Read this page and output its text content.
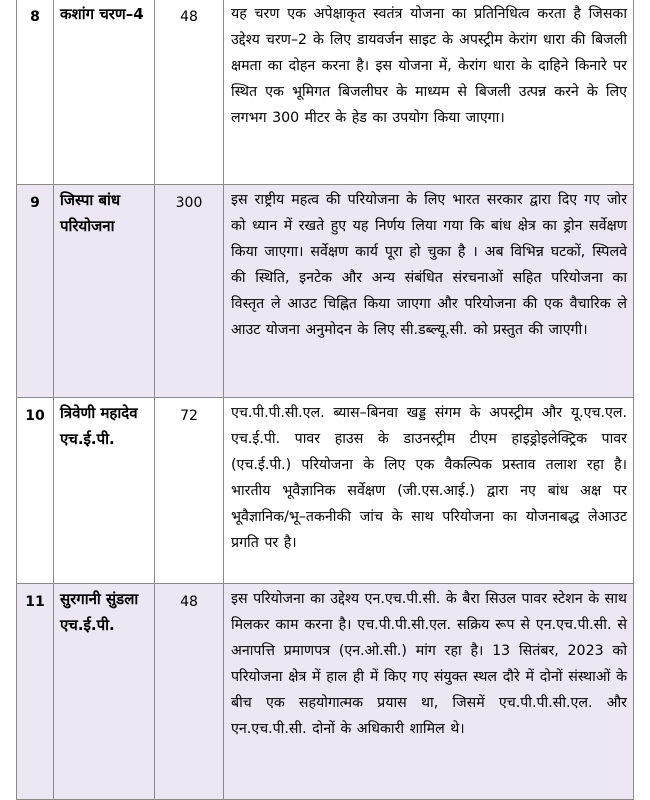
8	कशांग चरण–4	48	यह चरण एक अपेक्षाकृत स्वतंत्र योजना का प्रतिनिधित्व करता है जिसका उद्देश्य चरण–2 के लिए डायवर्जन साइट के अपस्ट्रीम केरांग धारा की बिजली क्षमता का दोहन करना है। इस योजना में, केरांग धारा के दाहिने किनारे पर स्थित एक भूमिगत बिजलीघर के माध्यम से बिजली उत्पन्न करने के लिए लगभग 300 मीटर के हेड का उपयोग किया जाएगा।
9	जिस्पा बांध परियोजना	300	इस राष्ट्रीय महत्व की परियोजना के लिए भारत सरकार द्वारा दिए गए जोर को ध्यान में रखते हुए यह निर्णय लिया गया कि बांध क्षेत्र का ड्रोन सर्वेक्षण किया जाएगा। सर्वेक्षण कार्य पूरा हो चुका है । अब विभिन्न घटकों, स्पिलवे की स्थिति, इनटेक और अन्य संबंधित संरचनाओं सहित परियोजना का विस्तृत ले आउट चिह्नित किया जाएगा और परियोजना की एक वैचारिक ले आउट योजना अनुमोदन के लिए सी.डब्ल्यू.सी. को प्रस्तुत की जाएगी।
10	त्रिवेणी महादेव एच.ई.पी.	72	एच.पी.पी.सी.एल. ब्यास–बिनवा खड्ड संगम के अपस्ट्रीम और यू.एच.एल. एच.ई.पी. पावर हाउस के डाउनस्ट्रीम टीएम हाइड्रोइलेक्ट्रिक पावर (एच.ई.पी.) परियोजना के लिए एक वैकल्पिक प्रस्ताव तलाश रहा है। भारतीय भूवैज्ञानिक सर्वेक्षण (जी.एस.आई.) द्वारा नए बांध अक्ष पर भूवैज्ञानिक/भू–तकनीकी जांच के साथ परियोजना का योजनाबद्ध लेआउट प्रगति पर है।
11	सुरगानी सुंडला एच.ई.पी.	48	इस परियोजना का उद्देश्य एन.एच.पी.सी. के बैरा सिउल पावर स्टेशन के साथ मिलकर काम करना है। एच.पी.पी.सी.एल. सक्रिय रूप से एन.एच.पी.सी. से अनापत्ति प्रमाणपत्र (एन.ओ.सी.) मांग रहा है। 13 सितंबर, 2023 को परियोजना क्षेत्र में हाल ही में किए गए संयुक्त स्थल दौरे में दोनों संस्थाओं के बीच एक सहयोगात्मक प्रयास था, जिसमें एच.पी.पी.सी.एल. और एन.एच.पी.सी. दोनों के अधिकारी शामिल थे।
